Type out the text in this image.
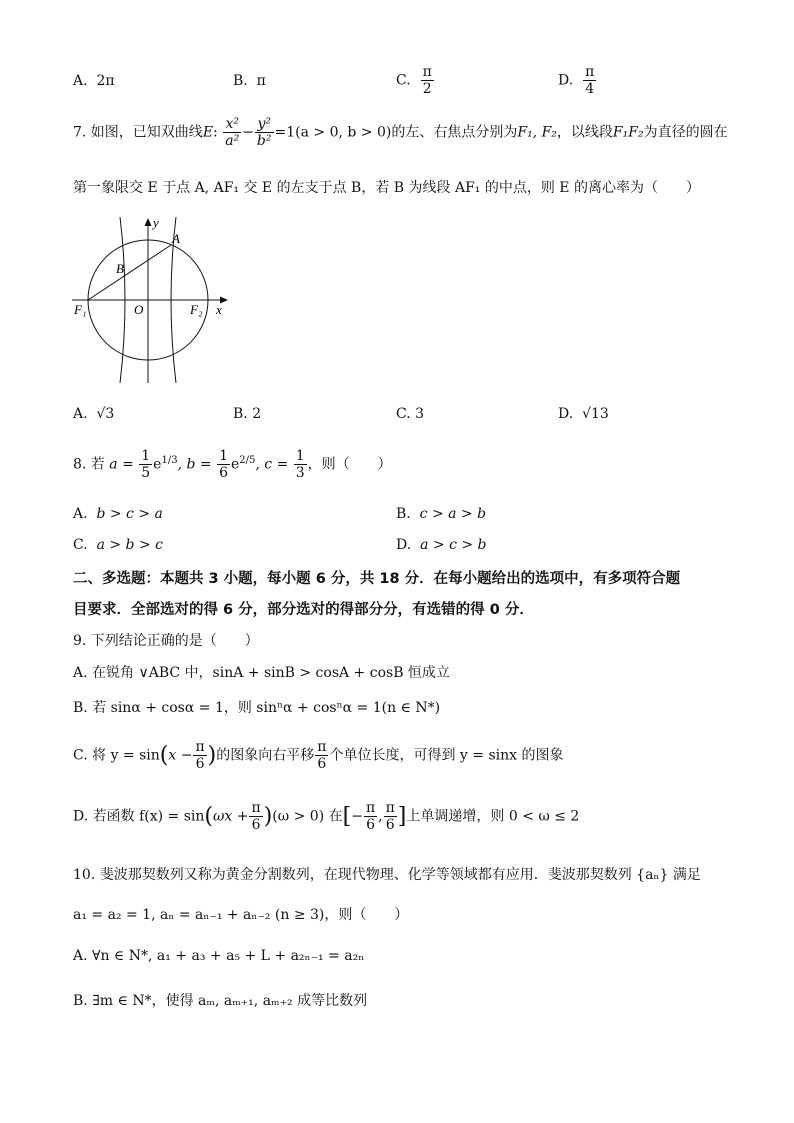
A. 2π	B. π	C. $\frac{\pi}{2}$	D. $\frac{\pi}{4}$
7. 如图，已知双曲线E: $\frac{\text{x²}}{\text{a²}} - \frac{\text{y²}}{\text{b²}} =1(a > 0$, b > 0)的左、右焦点分别为F₁, F₂，以线段F₁F₂为直径的圆在
第一象限交 E 于点 A, AF₁ 交 E 的左支于点 B，若 B 为线段 AF₁ 的中点，则 E 的离心率为（　　）
y
x
A
B
O
F₁	F₂
A. √3	B. 2	C. 3	D. √13
8. 若 $a = \frac{1}{5} e^{1/3}$, $b = \frac{1}{6} e^{2/5}$, $c = \frac{1}{3}$ ，则（　　）
A. b > c > a	B. c > a > b
C. a > b > c	D. a > c > b
二、多选题：本题共 3 小题，每小题 6 分，共 18 分．在每小题给出的选项中，有多项符合题
目要求．全部选对的得 6 分，部分选对的得部分分，有选错的得 0 分．
9. 下列结论正确的是（　　）
A. 在锐角 ∨ABC 中，sinA + sinB > cosA + cosB 恒成立
B. 若 sinα + cosα = 1，则 sinⁿα + cosⁿα = 1(n ∈ N*)
C. 将 $y = \sin(x - \frac{\pi}{6}$ )的图象向右平移 $\frac{\pi}{6}$ 个单位长度，可得到 y = sinx 的图象
D. 若函数 $f(x) = \sin(\omega x + \frac{\pi}{6} )(\omega > 0)$ 在[− $\frac{\pi}{6}$ , $\frac{\pi}{6}$ ]上单调递增，则 0 < ω ≤ 2
10. 斐波那契数列又称为黄金分割数列，在现代物理、化学等领域都有应用．斐波那契数列 {aₙ} 满足
a₁ = a₂ = 1, aₙ = aₙ₋₁ + aₙ₋₂ (n ≥ 3)，则（　　）
A. ∀n ∈ N*, a₁ + a₃ + a₅ + L + a₂ₙ₋₁ = a₂ₙ
B. ∃m ∈ N*，使得 aₘ, aₘ₊₁, aₘ₊₂ 成等比数列
